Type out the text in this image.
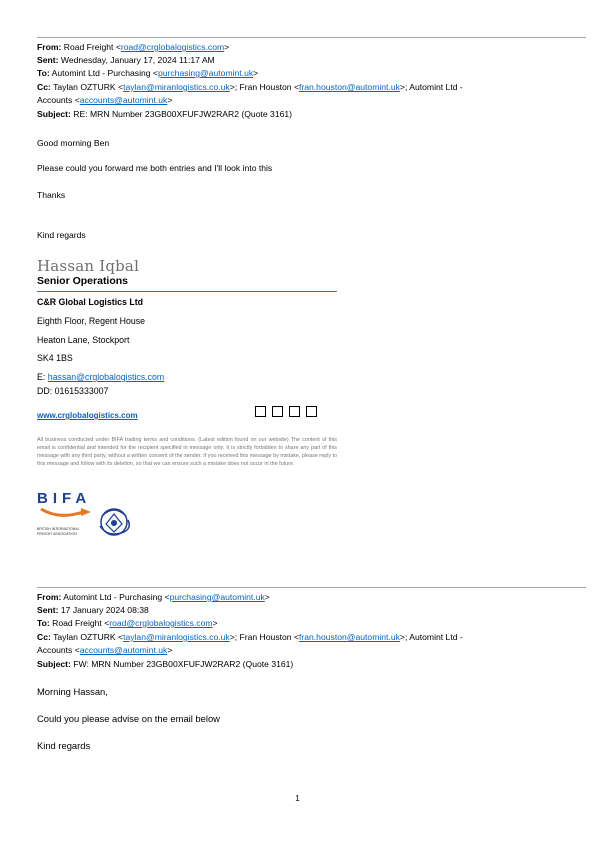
From: Road Freight <road@crglobalogistics.com>
Sent: Wednesday, January 17, 2024 11:17 AM
To: Automint Ltd - Purchasing <purchasing@automint.uk>
Cc: Taylan OZTURK <taylan@miranlogistics.co.uk>; Fran Houston <fran.houston@automint.uk>; Automint Ltd -
Accounts <accounts@automint.uk>
Subject: RE: MRN Number 23GB00XFUFJW2RAR2 (Quote 3161)
Good morning Ben
Please could you forward me both entries and I'll look into this
Thanks
Kind regards
Hassan Iqbal
Senior Operations
C&R Global Logistics Ltd
Eighth Floor, Regent House
Heaton Lane, Stockport
SK4 1BS
E: hassan@crglobalogistics.com
DD: 01615333007
www.crglobalogistics.com
All business conducted under BIFA trading terms and conditions. (Latest edition found on our website) The content of this email is confidential and intended for the recipient specified in message only. It is strictly forbidden to share any part of this message with any third party, without a written consent of the sender. If you received this message by mistake, please reply to this message and follow with its deletion, so that we can ensure such a mistake does not occur in the future.
BIFA
BRITISH INTERNATIONAL
FREIGHT ASSOCIATION
From: Automint Ltd - Purchasing <purchasing@automint.uk>
Sent: 17 January 2024 08:38
To: Road Freight <road@crglobalogistics.com>
Cc: Taylan OZTURK <taylan@miranlogistics.co.uk>; Fran Houston <fran.houston@automint.uk>; Automint Ltd -
Accounts <accounts@automint.uk>
Subject: FW: MRN Number 23GB00XFUFJW2RAR2 (Quote 3161)
Morning Hassan,
Could you please advise on the email below
Kind regards
1
